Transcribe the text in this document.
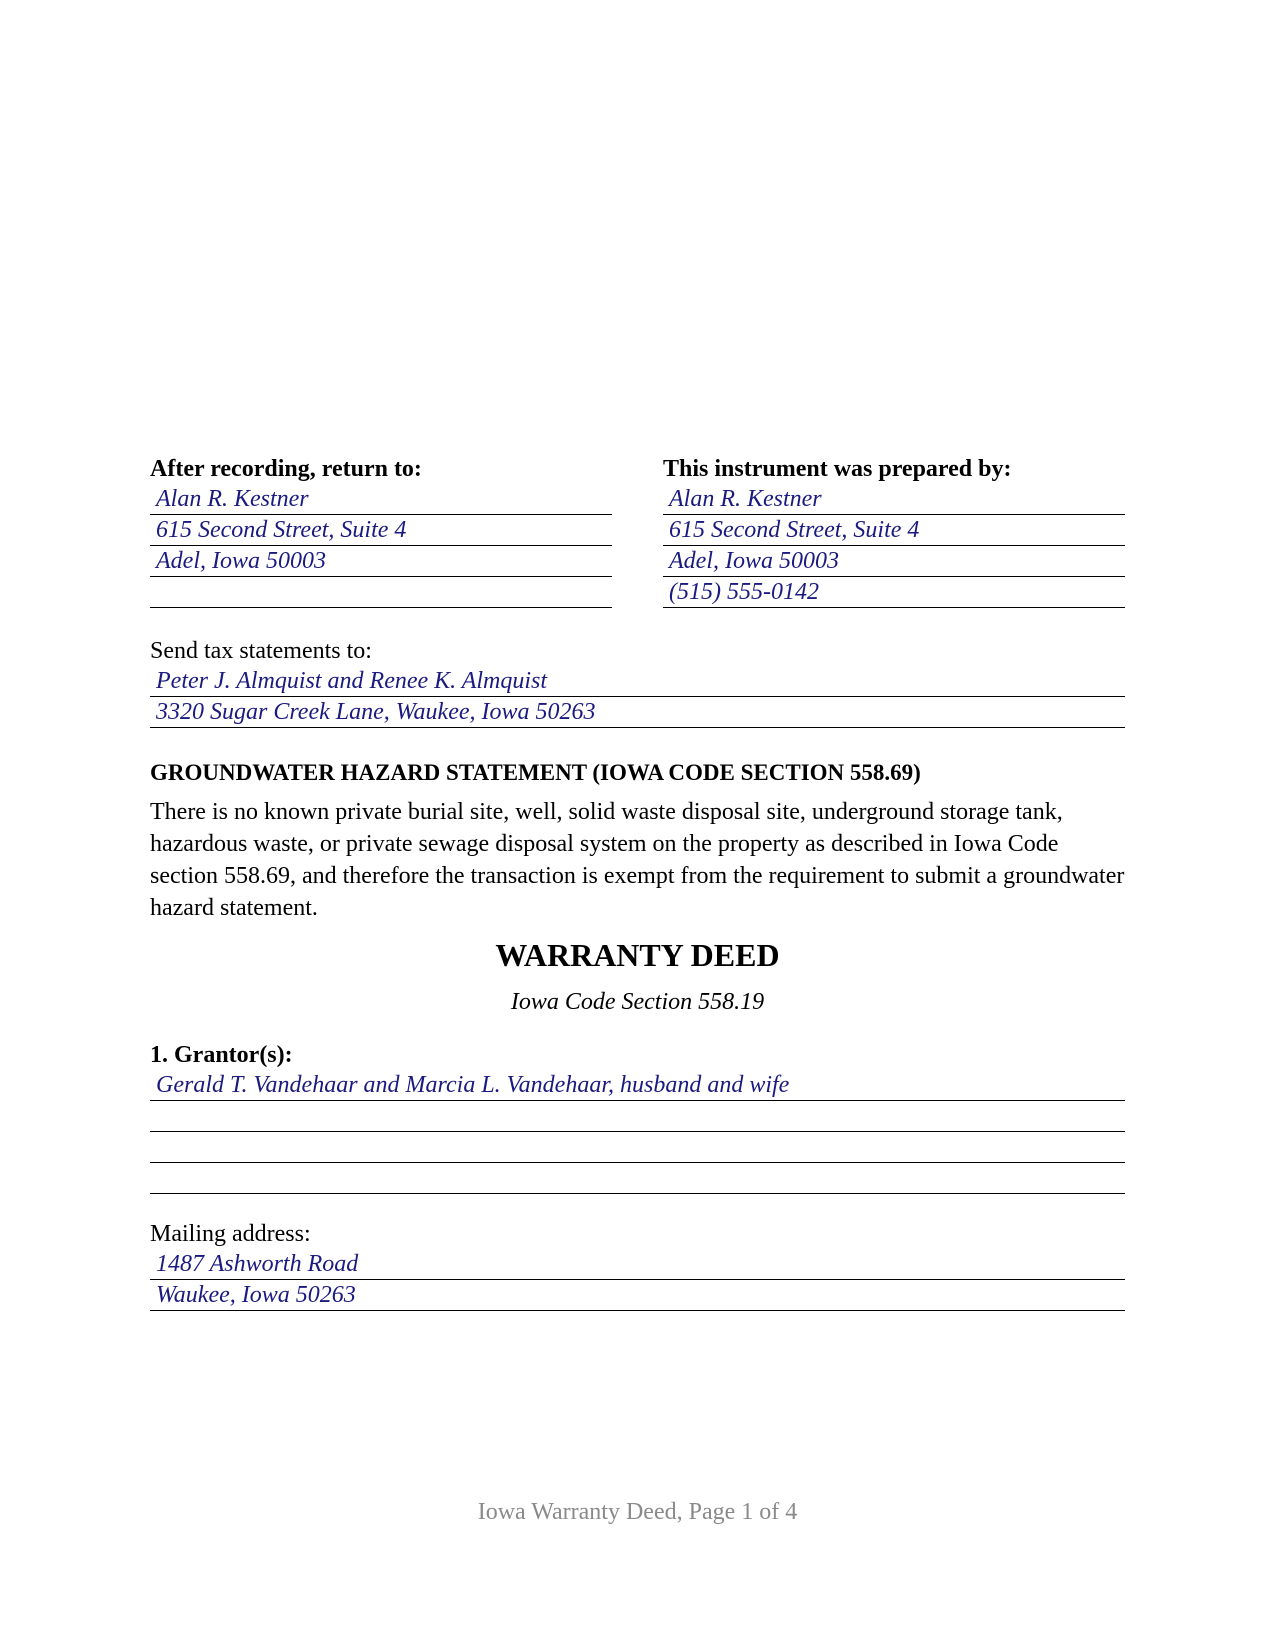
After recording, return to:
Alan R. Kestner
615 Second Street, Suite 4
Adel, Iowa 50003
This instrument was prepared by:
Alan R. Kestner
615 Second Street, Suite 4
Adel, Iowa 50003
(515) 555-0142
Send tax statements to:
Peter J. Almquist and Renee K. Almquist
3320 Sugar Creek Lane, Waukee, Iowa 50263
GROUNDWATER HAZARD STATEMENT (IOWA CODE SECTION 558.69)
There is no known private burial site, well, solid waste disposal site, underground storage tank, hazardous waste, or private sewage disposal system on the property as described in Iowa Code section 558.69, and therefore the transaction is exempt from the requirement to submit a groundwater hazard statement.
WARRANTY DEED
Iowa Code Section 558.19
1. Grantor(s):
Gerald T. Vandehaar and Marcia L. Vandehaar, husband and wife
Mailing address:
1487 Ashworth Road
Waukee, Iowa 50263
Iowa Warranty Deed, Page 1 of 4
